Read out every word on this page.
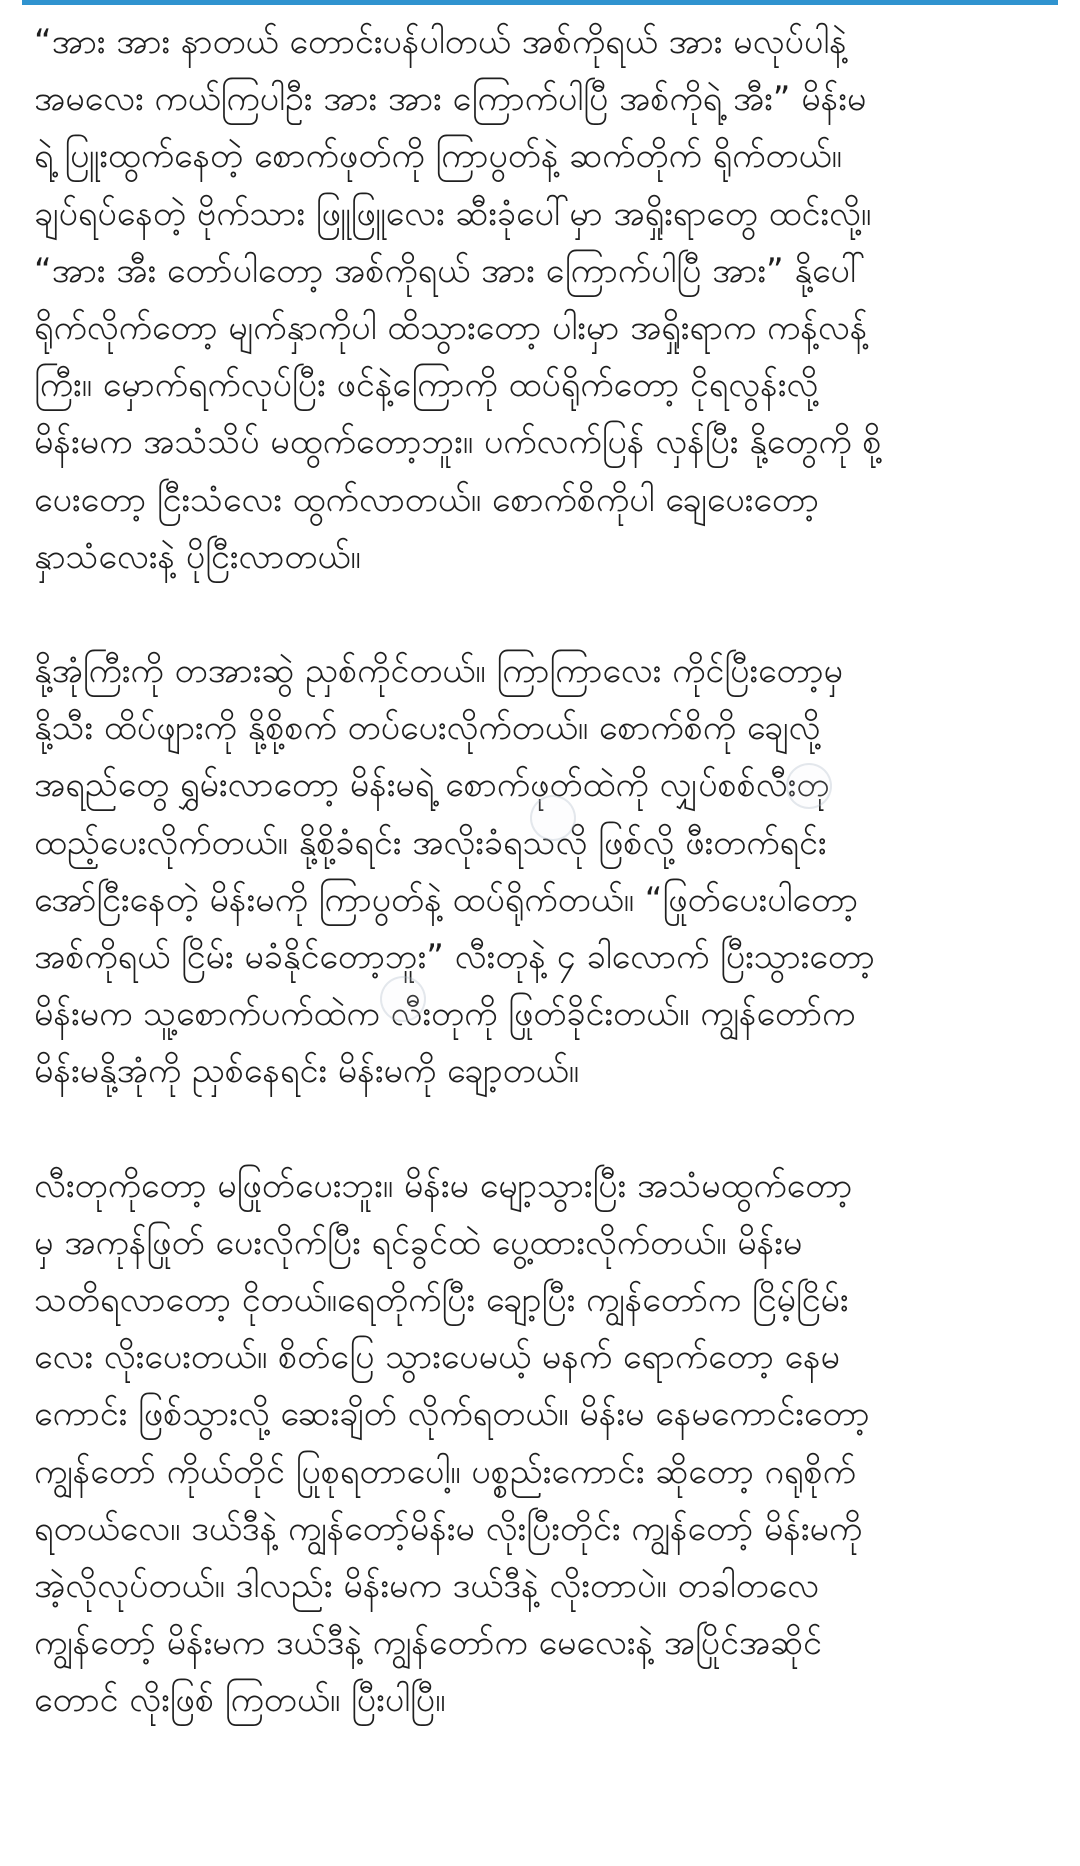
“အား အား နာတယ် တောင်းပန်ပါတယ် အစ်ကိုရယ် အား မလုပ်ပါနဲ့
အမလေး ကယ်ကြပါဦး အား အား ကြောက်ပါပြီ အစ်ကိုရဲ့ အီး” မိန်းမ
ရဲ့ ပြူးထွက်နေတဲ့ စောက်ဖုတ်ကို ကြာပွတ်နဲ့ ဆက်တိုက် ရိုက်တယ်။
ချပ်ရပ်နေတဲ့ ဗိုက်သား ဖြူဖြူလေး ဆီးခုံပေါ်မှာ အရှိုးရာတွေ ထင်းလို့။
“အား အီး တော်ပါတော့ အစ်ကိုရယ် အား ကြောက်ပါပြီ အား” နို့ပေါ်
ရိုက်လိုက်တော့ မျက်နှာကိုပါ ထိသွားတော့ ပါးမှာ အရှိုးရာက ကန့်လန့်
ကြီး။ မှောက်ရက်လုပ်ပြီး ဖင်နဲ့ကြောကို ထပ်ရိုက်တော့ ငိုရလွန်းလို့
မိန်းမက အသံသိပ် မထွက်တော့ဘူး။ ပက်လက်ပြန် လှန်ပြီး နို့တွေကို စို့
ပေးတော့ ငြီးသံလေး ထွက်လာတယ်။ စောက်စိကိုပါ ချေပေးတော့
နှာသံလေးနဲ့ ပိုငြီးလာတယ်။

နို့အုံကြီးကို တအားဆွဲ ညှစ်ကိုင်တယ်။ ကြာကြာလေး ကိုင်ပြီးတော့မှ
နို့သီး ထိပ်ဖျားကို နို့စို့စက် တပ်ပေးလိုက်တယ်။ စောက်စိကို ချေလို့
အရည်တွေ ရွှမ်းလာတော့ မိန်းမရဲ့ စောက်ဖုတ်ထဲကို လျှပ်စစ်လီးတု
ထည့်ပေးလိုက်တယ်။ နို့စို့ခံရင်း အလိုးခံရသလို ဖြစ်လို့ ဖီးတက်ရင်း
အော်ငြီးနေတဲ့ မိန်းမကို ကြာပွတ်နဲ့ ထပ်ရိုက်တယ်။ “ဖြုတ်ပေးပါတော့
အစ်ကိုရယ် ငြိမ်း မခံနိုင်တော့ဘူး” လီးတုနဲ့ ၄ ခါလောက် ပြီးသွားတော့
မိန်းမက သူ့စောက်ပက်ထဲက လီးတုကို ဖြုတ်ခိုင်းတယ်။ ကျွန်တော်က
မိန်းမနို့အုံကို ညှစ်နေရင်း မိန်းမကို ချော့တယ်။

လီးတုကိုတော့ မဖြုတ်ပေးဘူး။ မိန်းမ မျော့သွားပြီး အသံမထွက်တော့
မှ အကုန်ဖြုတ် ပေးလိုက်ပြီး ရင်ခွင်ထဲ ပွေ့ထားလိုက်တယ်။ မိန်းမ
သတိရလာတော့ ငိုတယ်။ရေတိုက်ပြီး ချော့ပြီး ကျွန်တော်က ငြိမ့်ငြိမ်း
လေး လိုးပေးတယ်။ စိတ်ပြေ သွားပေမယ့် မနက် ရောက်တော့ နေမ
ကောင်း ဖြစ်သွားလို့ ဆေးချိတ် လိုက်ရတယ်။ မိန်းမ နေမကောင်းတော့
ကျွန်တော် ကိုယ်တိုင် ပြုစုရတာပေါ့။ ပစ္စည်းကောင်း ဆိုတော့ ဂရုစိုက်
ရတယ်လေ။ ဒယ်ဒီနဲ့ ကျွန်တော့်မိန်းမ လိုးပြီးတိုင်း ကျွန်တော့် မိန်းမကို
အဲ့လိုလုပ်တယ်။ ဒါလည်း မိန်းမက ဒယ်ဒီနဲ့ လိုးတာပဲ။ တခါတလေ
ကျွန်တော့် မိန်းမက ဒယ်ဒီနဲ့ ကျွန်တော်က မေလေးနဲ့ အပြိုင်အဆိုင်
တောင် လိုးဖြစ် ကြတယ်။ ပြီးပါပြီ။
